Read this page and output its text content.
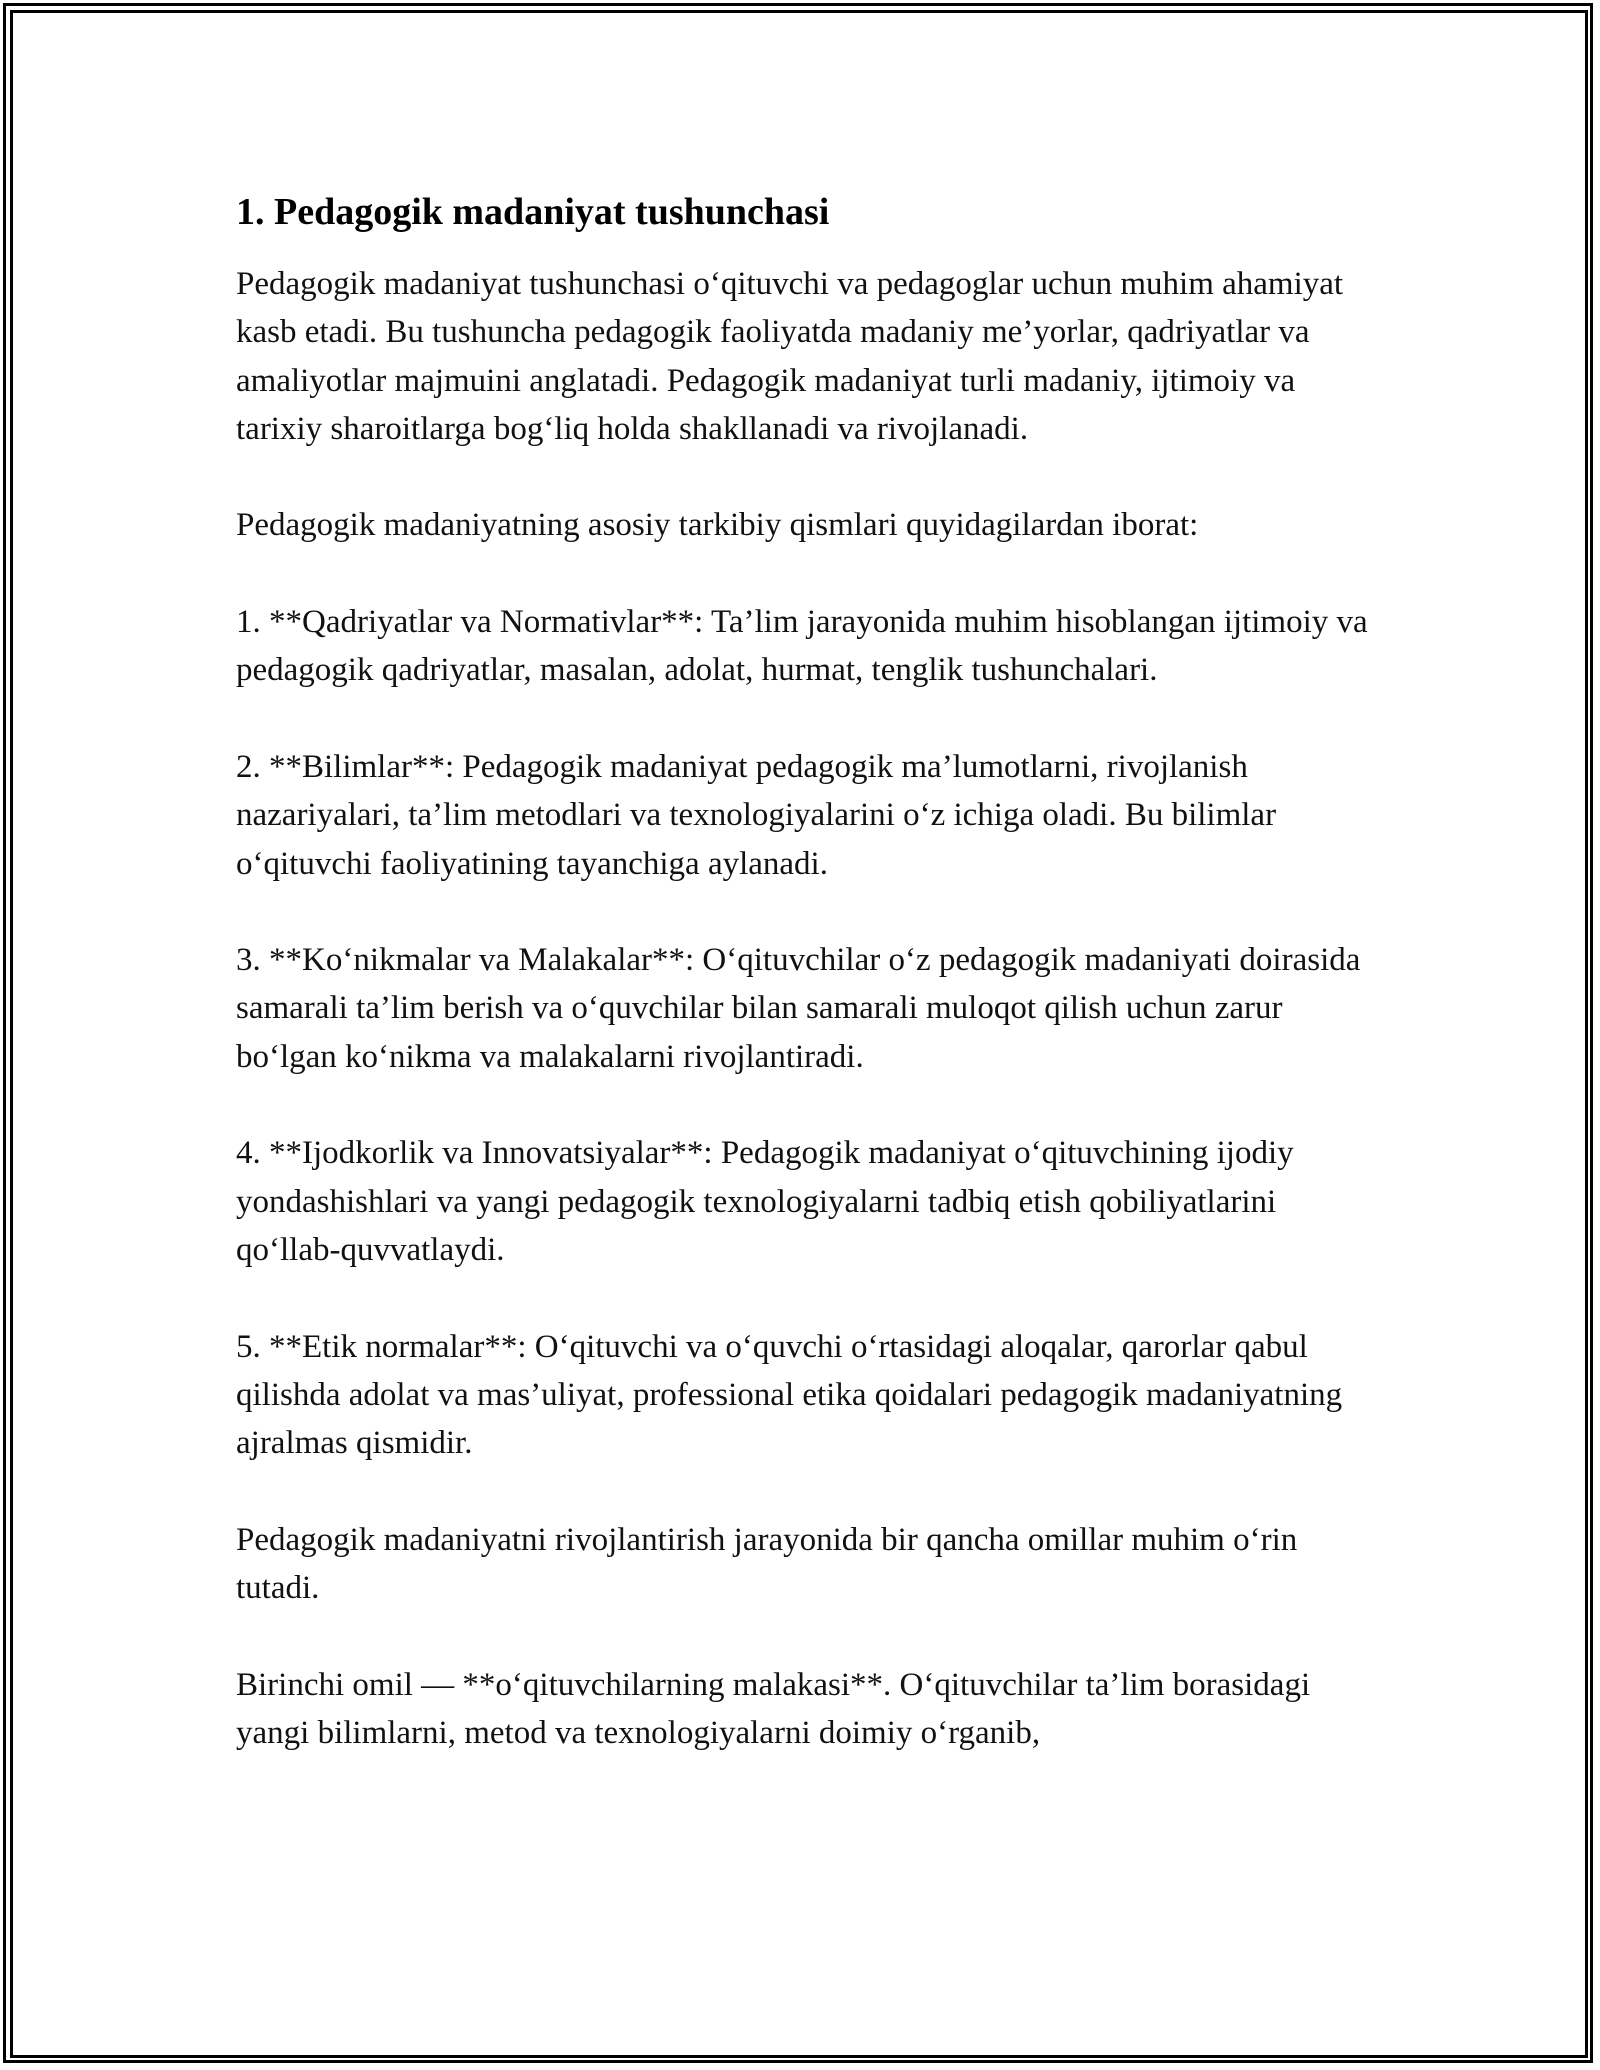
1. Pedagogik madaniyat tushunchasi

Pedagogik madaniyat tushunchasi o‘qituvchi va pedagoglar uchun muhim ahamiyat kasb etadi. Bu tushuncha pedagogik faoliyatda madaniy me’yorlar, qadriyatlar va amaliyotlar majmuini anglatadi. Pedagogik madaniyat turli madaniy, ijtimoiy va tarixiy sharoitlarga bog‘liq holda shakllanadi va rivojlanadi.

Pedagogik madaniyatning asosiy tarkibiy qismlari quyidagilardan iborat:

1. **Qadriyatlar va Normativlar**: Ta’lim jarayonida muhim hisoblangan ijtimoiy va pedagogik qadriyatlar, masalan, adolat, hurmat, tenglik tushunchalari.

2. **Bilimlar**: Pedagogik madaniyat pedagogik ma’lumotlarni, rivojlanish nazariyalari, ta’lim metodlari va texnologiyalarini o‘z ichiga oladi. Bu bilimlar o‘qituvchi faoliyatining tayanchiga aylanadi.

3. **Ko‘nikmalar va Malakalar**: O‘qituvchilar o‘z pedagogik madaniyati doirasida samarali ta’lim berish va o‘quvchilar bilan samarali muloqot qilish uchun zarur bo‘lgan ko‘nikma va malakalarni rivojlantiradi.

4. **Ijodkorlik va Innovatsiyalar**: Pedagogik madaniyat o‘qituvchining ijodiy yondashishlari va yangi pedagogik texnologiyalarni tadbiq etish qobiliyatlarini qo‘llab-quvvatlaydi.

5. **Etik normalar**: O‘qituvchi va o‘quvchi o‘rtasidagi aloqalar, qarorlar qabul qilishda adolat va mas’uliyat, professional etika qoidalari pedagogik madaniyatning ajralmas qismidir.

Pedagogik madaniyatni rivojlantirish jarayonida bir qancha omillar muhim o‘rin tutadi.

Birinchi omil — **o‘qituvchilarning malakasi**. O‘qituvchilar ta’lim borasidagi yangi bilimlarni, metod va texnologiyalarni doimiy o‘rganib,
